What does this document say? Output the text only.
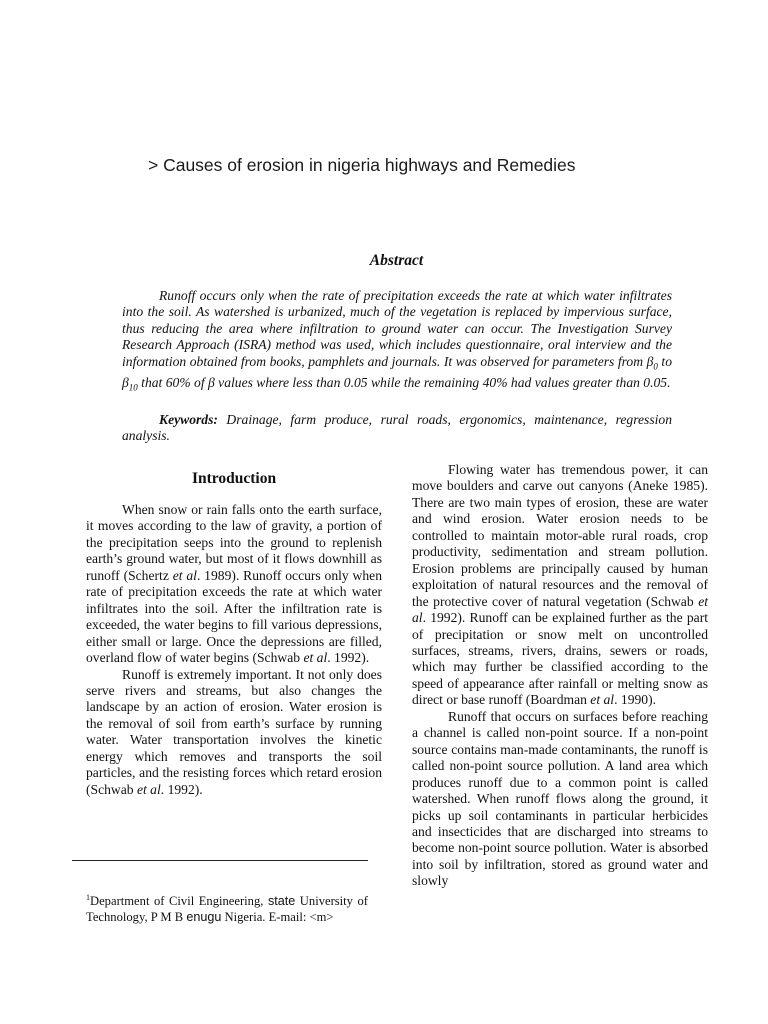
> Causes of erosion in nigeria highways and Remedies
Abstract

Runoff occurs only when the rate of precipitation exceeds the rate at which water infiltrates into the soil. As watershed is urbanized, much of the vegetation is replaced by impervious surface, thus reducing the area where infiltration to ground water can occur. The Investigation Survey Research Approach (ISRA) method was used, which includes questionnaire, oral interview and the information obtained from books, pamphlets and journals. It was observed for parameters from $\beta_0$ to $\beta_{10}$ that 60% of β values where less than 0.05 while the remaining 40% had values greater than 0.05.

Keywords: Drainage, farm produce, rural roads, ergonomics, maintenance, regression analysis.

Introduction

When snow or rain falls onto the earth surface, it moves according to the law of gravity, a portion of the precipitation seeps into the ground to replenish earth’s ground water, but most of it flows downhill as runoff (Schertz et al. 1989). Runoff occurs only when rate of precipitation exceeds the rate at which water infiltrates into the soil. After the infiltration rate is exceeded, the water begins to fill various depressions, either small or large. Once the depressions are filled, overland flow of water begins (Schwab et al. 1992).

Runoff is extremely important. It not only does serve rivers and streams, but also changes the landscape by an action of erosion. Water erosion is the removal of soil from earth’s surface by running water. Water transportation involves the kinetic energy which removes and transports the soil particles, and the resisting forces which retard erosion (Schwab et al. 1992).

Flowing water has tremendous power, it can move boulders and carve out canyons (Aneke 1985). There are two main types of erosion, these are water and wind erosion. Water erosion needs to be controlled to maintain motor-able rural roads, crop productivity, sedimentation and stream pollution. Erosion problems are principally caused by human exploitation of natural resources and the removal of the protective cover of natural vegetation (Schwab et al. 1992). Runoff can be explained further as the part of precipitation or snow melt on uncontrolled surfaces, streams, rivers, drains, sewers or roads, which may further be classified according to the speed of appearance after rainfall or melting snow as direct or base runoff (Boardman et al. 1990).

Runoff that occurs on surfaces before reaching a channel is called non-point source. If a non-point source contains man-made contaminants, the runoff is called non-point source pollution. A land area which produces runoff due to a common point is called watershed. When runoff flows along the ground, it picks up soil contaminants in particular herbicides and insecticides that are discharged into streams to become non-point source pollution. Water is absorbed into soil by infiltration, stored as ground water and slowly

$^1$Department of Civil Engineering, state University of Technology, P M B enugu Nigeria. E-mail: <m>
